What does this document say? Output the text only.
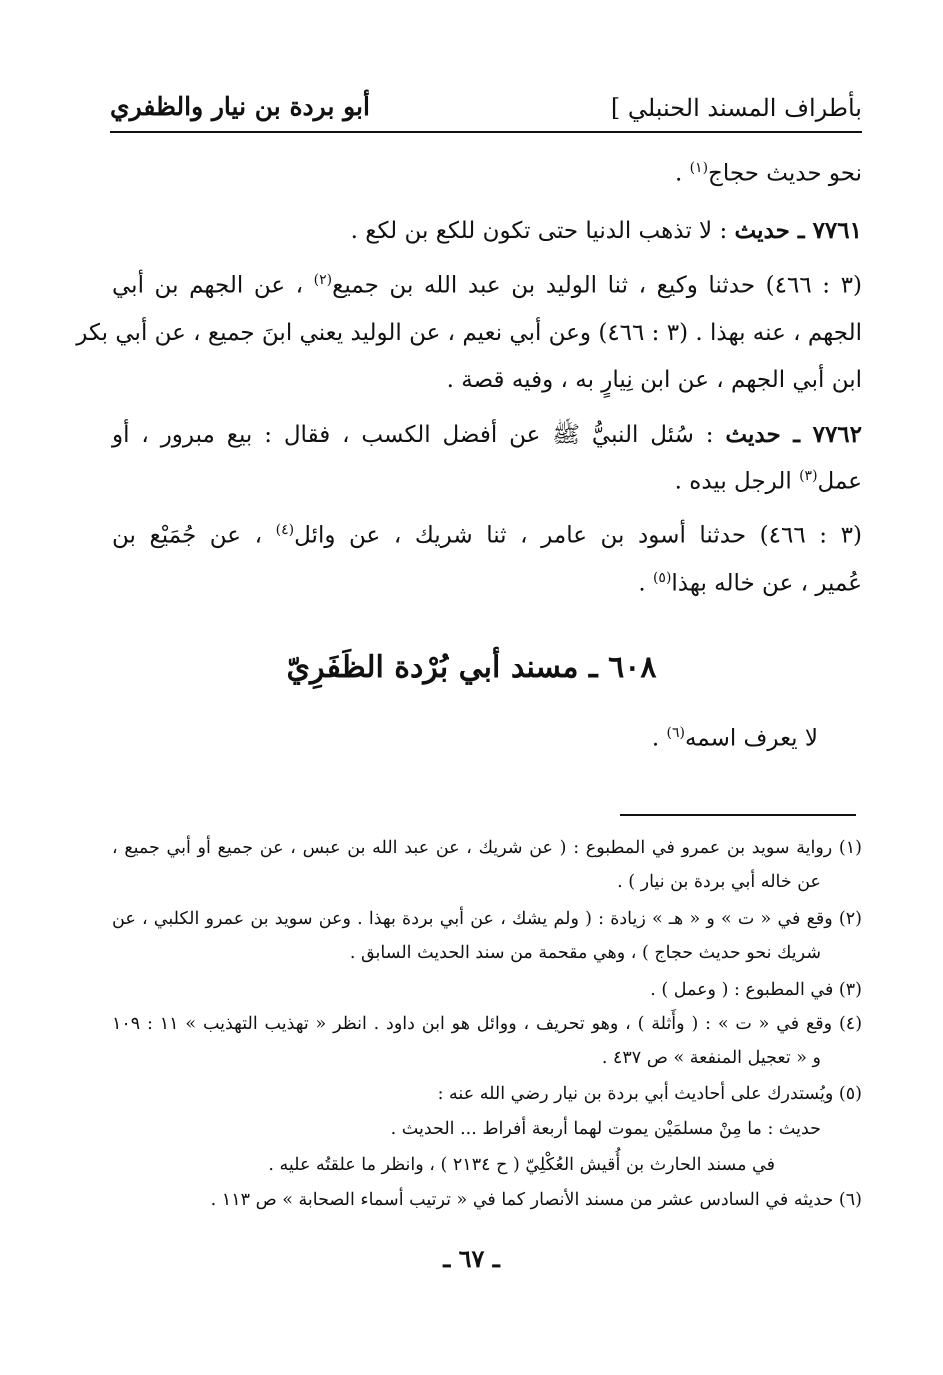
بأطراف المسند الحنبلي ]
أبو بردة بن نيار والظفري
نحو حديث حجاج$^{(١)}$ .
٧٧٦١ ـ حديث : لا تذهب الدنيا حتى تكون للكع بن لكع .
(٣ : ٤٦٦) حدثنا وكيع ، ثنا الوليد بن عبد الله بن جميع$^{(٢)}$ ، عن الجهم بن أبي
الجهم ، عنه بهذا . (٣ : ٤٦٦) وعن أبي نعيم ، عن الوليد يعني ابنَ جميع ، عن أبي بكر
ابن أبي الجهم ، عن ابن نِيارٍ به ، وفيه قصة .
٧٧٦٢ ـ حديث : سُئل النبيُّ ﷺ عن أفضل الكسب ، فقال : بيع مبرور ، أو
عمل$^{(٣)}$ الرجل بيده .
(٣ : ٤٦٦) حدثنا أسود بن عامر ، ثنا شريك ، عن وائل$^{(٤)}$ ، عن جُمَيْع بن
عُمير ، عن خاله بهذا$^{(٥)}$ .
٦٠٨ ـ مسند أبي بُرْدة الظَفَرِيّ
لا يعرف اسمه$^{(٦)}$ .
(١) رواية سويد بن عمرو في المطبوع : ( عن شريك ، عن عبد الله بن عبس ، عن جميع أو أبي جميع ،
عن خاله أبي بردة بن نيار ) .
(٢) وقع في « ت » و « هـ » زيادة : ( ولم يشك ، عن أبي بردة بهذا . وعن سويد بن عمرو الكلبي ، عن
شريك نحو حديث حجاج ) ، وهي مقحمة من سند الحديث السابق .
(٣) في المطبوع : ( وعمل ) .
(٤) وقع في « ت » : ( وأَثلة ) ، وهو تحريف ، ووائل هو ابن داود . انظر « تهذيب التهذيب » ١١ : ١٠٩
و « تعجيل المنفعة » ص ٤٣٧ .
(٥) ويُستدرك على أحاديث أبي بردة بن نيار رضي الله عنه :
حديث : ما مِنْ مسلمَيْن يموت لهما أربعة أفراط ... الحديث .
في مسند الحارث بن أُقيش العُكْلِيّ ( ح ٢١٣٤ ) ، وانظر ما علقتُه عليه .
(٦) حديثه في السادس عشر من مسند الأنصار كما في « ترتيب أسماء الصحابة » ص ١١٣ .
ـ ٦٧ ـ
